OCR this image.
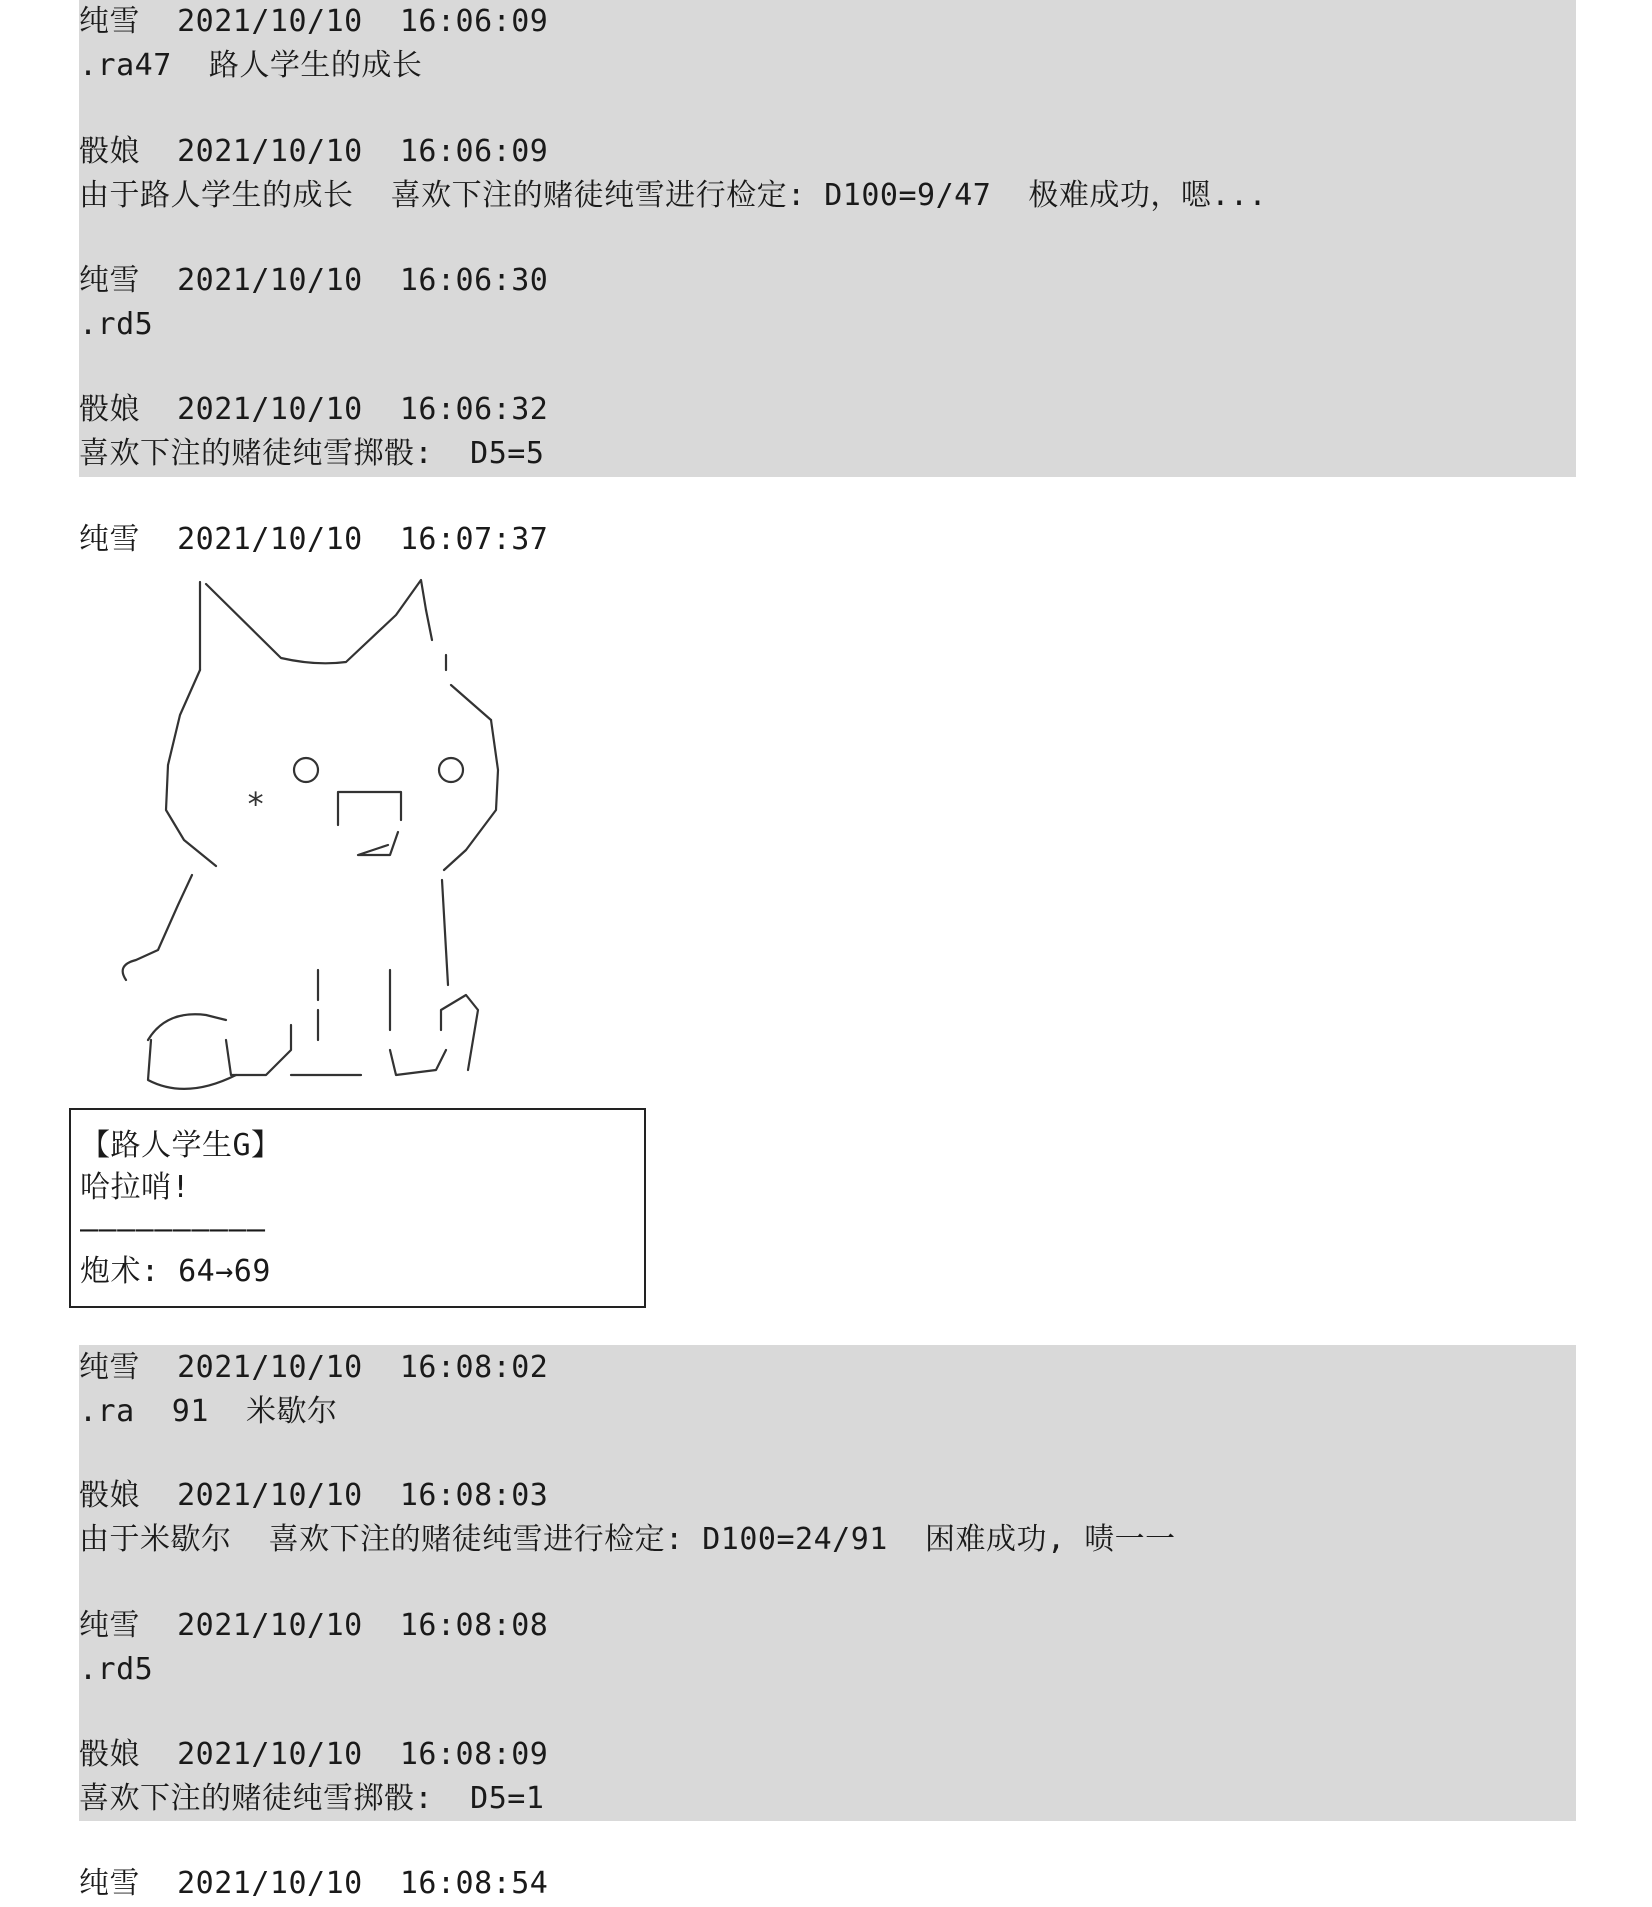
纯雪 2021/10/10  16:06:09

.ra47  路人学生的成长

骰娘 2021/10/10  16:06:09

由于路人学生的成长  喜欢下注的赌徒纯雪进行检定: D100=9/47  极难成功，嗯...

纯雪 2021/10/10  16:06:30

.rd5

骰娘 2021/10/10  16:06:32

喜欢下注的赌徒纯雪掷骰:  D5=5

纯雪 2021/10/10  16:07:37

*

【路人学生G】

哈拉哨!

——————————

炮术: 64→69

纯雪 2021/10/10  16:08:02

.ra  91  米歇尔

骰娘 2021/10/10  16:08:03

由于米歇尔  喜欢下注的赌徒纯雪进行检定: D100=24/91  困难成功, 啧一一

纯雪 2021/10/10  16:08:08

.rd5

骰娘 2021/10/10  16:08:09

喜欢下注的赌徒纯雪掷骰:  D5=1

纯雪 2021/10/10  16:08:54
